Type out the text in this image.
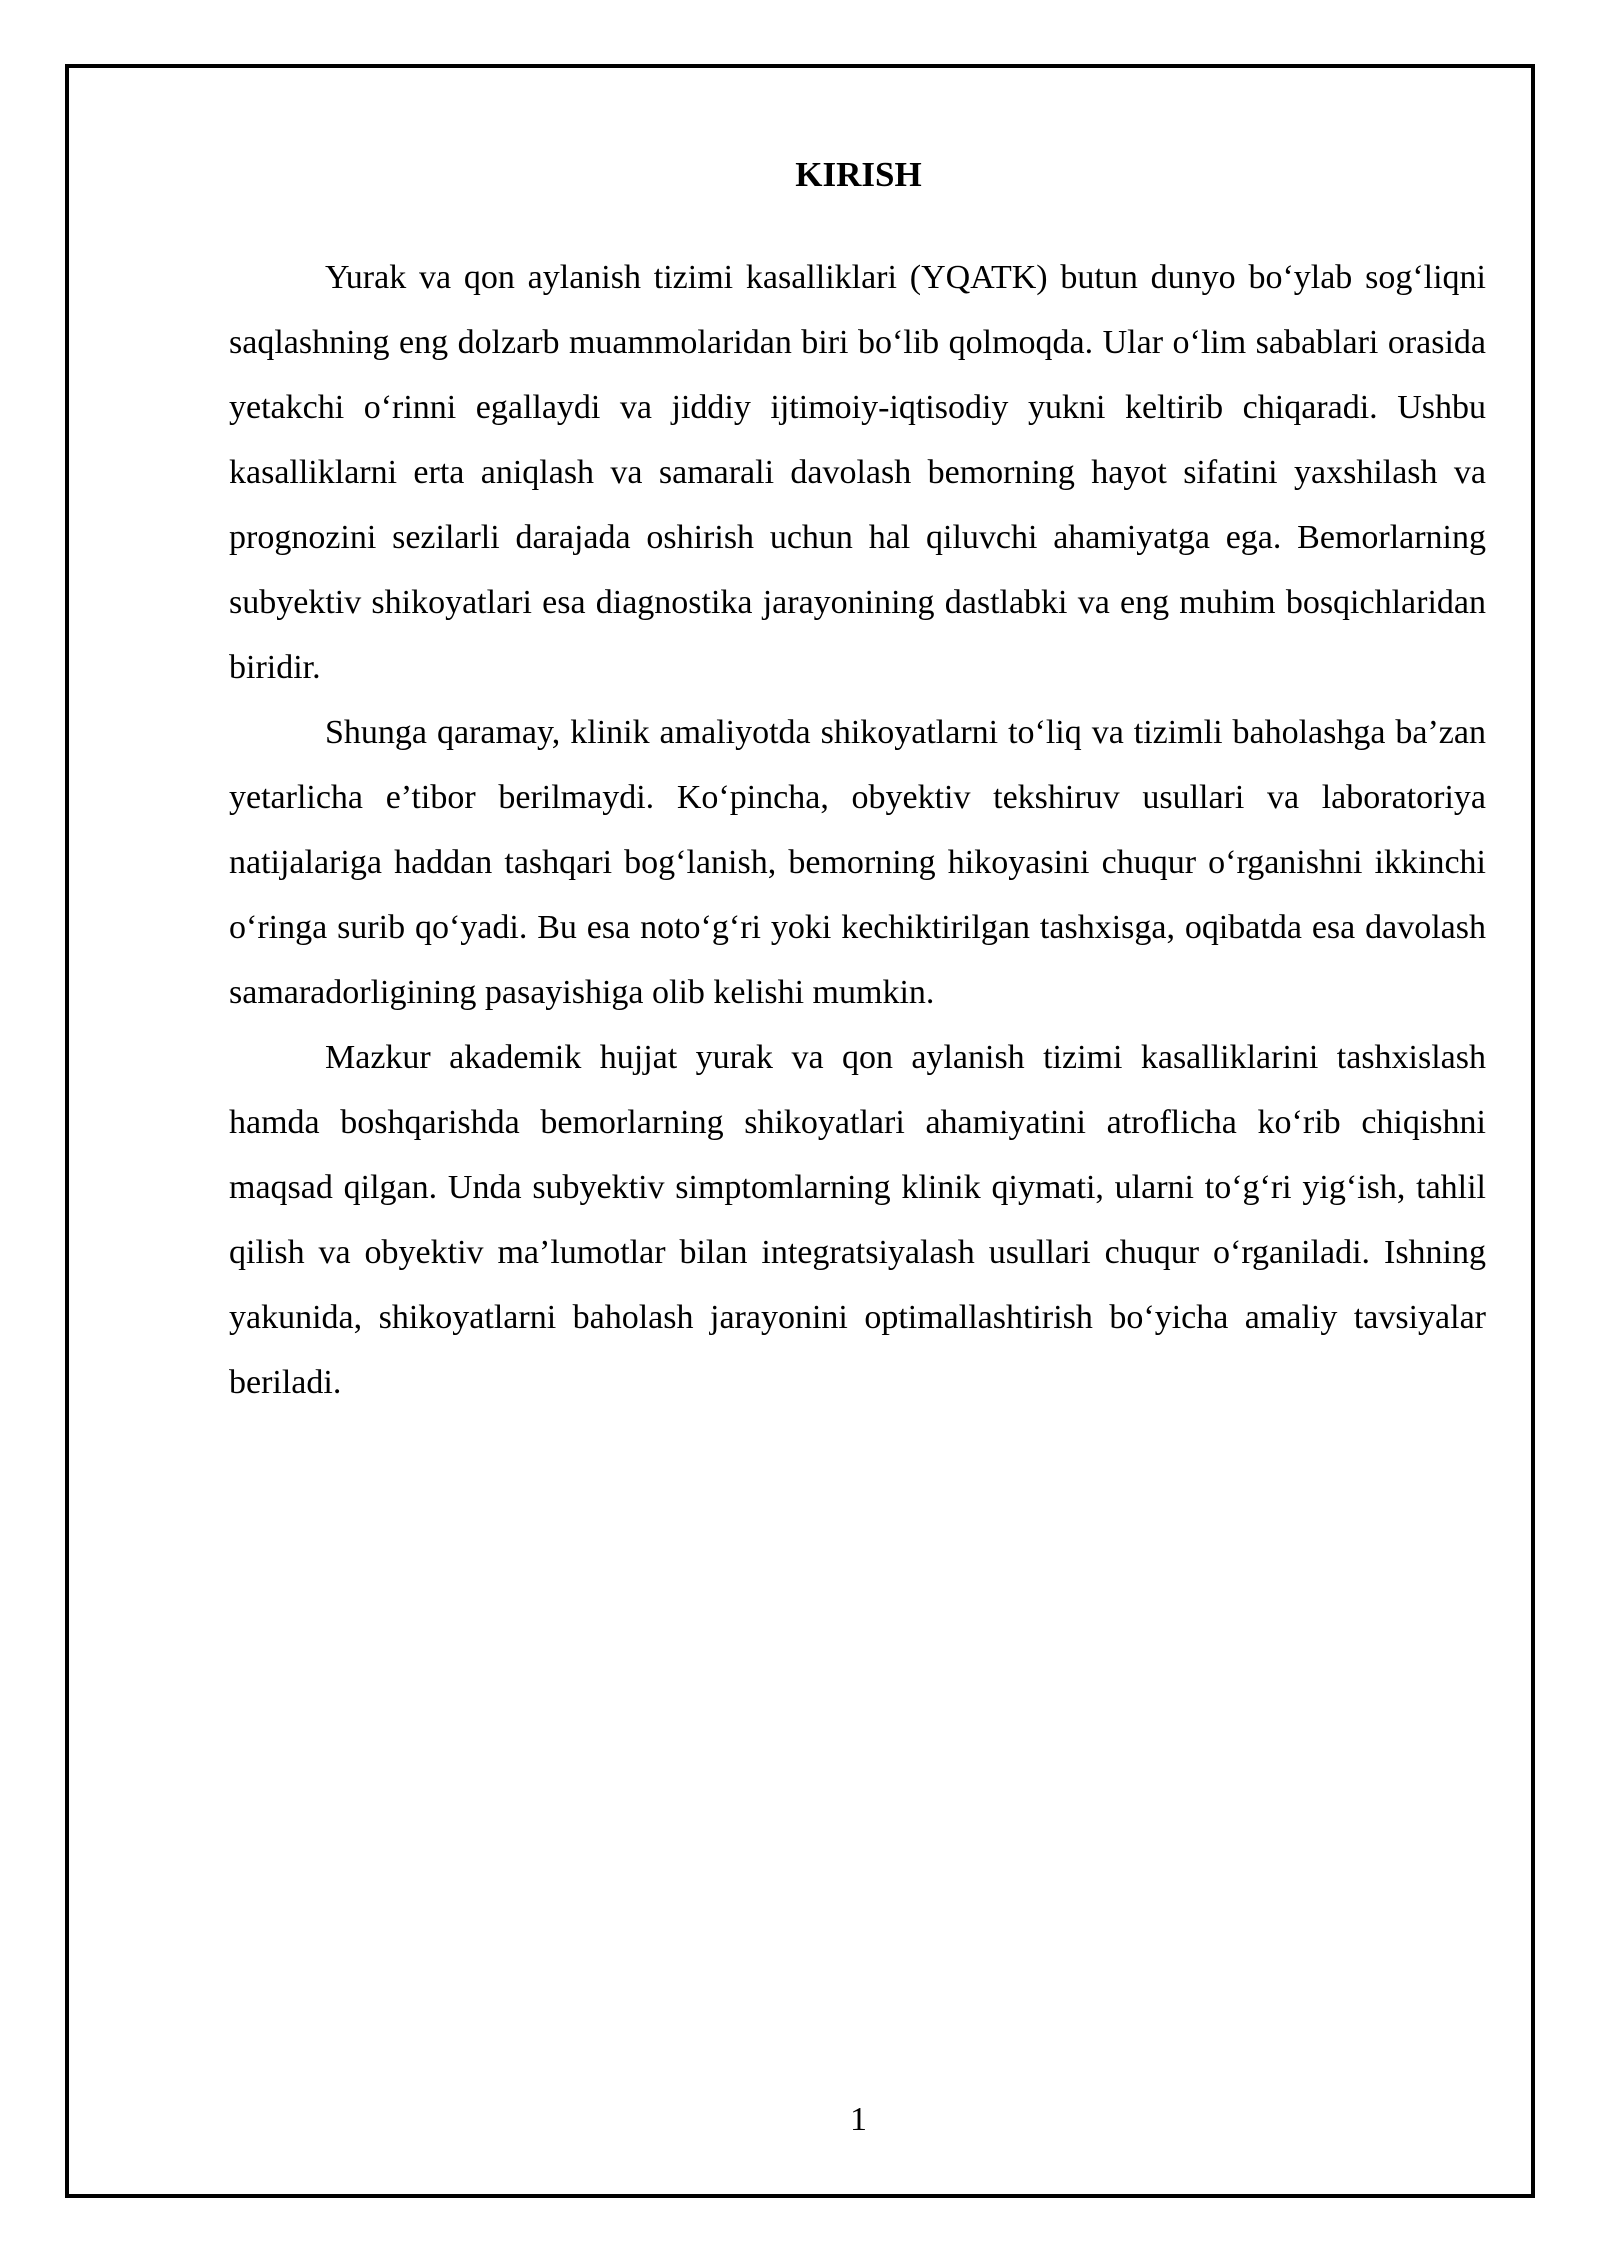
KIRISH

Yurak va qon aylanish tizimi kasalliklari (YQATK) butun dunyo bo‘ylab sog‘liqni saqlashning eng dolzarb muammolaridan biri bo‘lib qolmoqda. Ular o‘lim sabablari orasida yetakchi o‘rinni egallaydi va jiddiy ijtimoiy-iqtisodiy yukni keltirib chiqaradi. Ushbu kasalliklarni erta aniqlash va samarali davolash bemorning hayot sifatini yaxshilash va prognozini sezilarli darajada oshirish uchun hal qiluvchi ahamiyatga ega. Bemorlarning subyektiv shikoyatlari esa diagnostika jarayonining dastlabki va eng muhim bosqichlaridan biridir.

Shunga qaramay, klinik amaliyotda shikoyatlarni to‘liq va tizimli baholashga ba’zan yetarlicha e’tibor berilmaydi. Ko‘pincha, obyektiv tekshiruv usullari va laboratoriya natijalariga haddan tashqari bog‘lanish, bemorning hikoyasini chuqur o‘rganishni ikkinchi o‘ringa surib qo‘yadi. Bu esa noto‘g‘ri yoki kechiktirilgan tashxisga, oqibatda esa davolash samaradorligining pasayishiga olib kelishi mumkin.

Mazkur akademik hujjat yurak va qon aylanish tizimi kasalliklarini tashxislash hamda boshqarishda bemorlarning shikoyatlari ahamiyatini atroflicha ko‘rib chiqishni maqsad qilgan. Unda subyektiv simptomlarning klinik qiymati, ularni to‘g‘ri yig‘ish, tahlil qilish va obyektiv ma’lumotlar bilan integratsiyalash usullari chuqur o‘rganiladi. Ishning yakunida, shikoyatlarni baholash jarayonini optimallashtirish bo‘yicha amaliy tavsiyalar beriladi.

1
